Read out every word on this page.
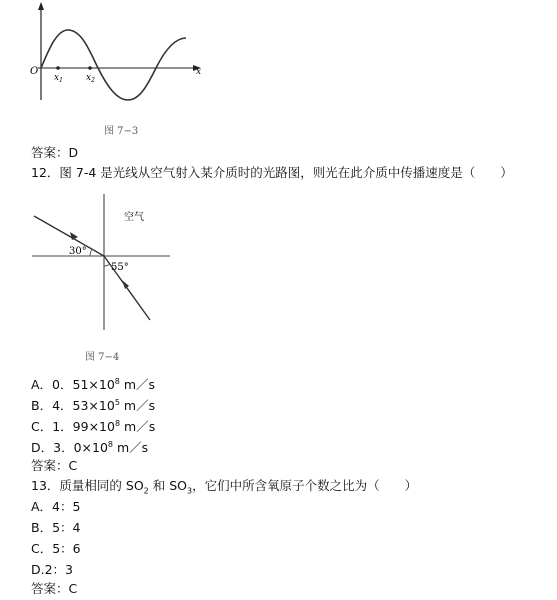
O
$x_1$	$x_2$
x
图 7−3
答案：D
12．图 7-4 是光线从空气射入某介质时的光路图，则光在此介质中传播速度是（　　）
空气
30°
55°
图 7−4
A．0．$51\times 10^8$ m／s
B．4．$53\times 10^5$ m／s
C．1．$99\times 10^8$ m／s
D．3．$0\times 10^8$ m／s
答案：C
13．质量相同的 $SO_2$ 和 $SO_3$，它们中所含氧原子个数之比为（　　）
A．4：5
B．5：4
C．5：6
D.2：3
答案：C
